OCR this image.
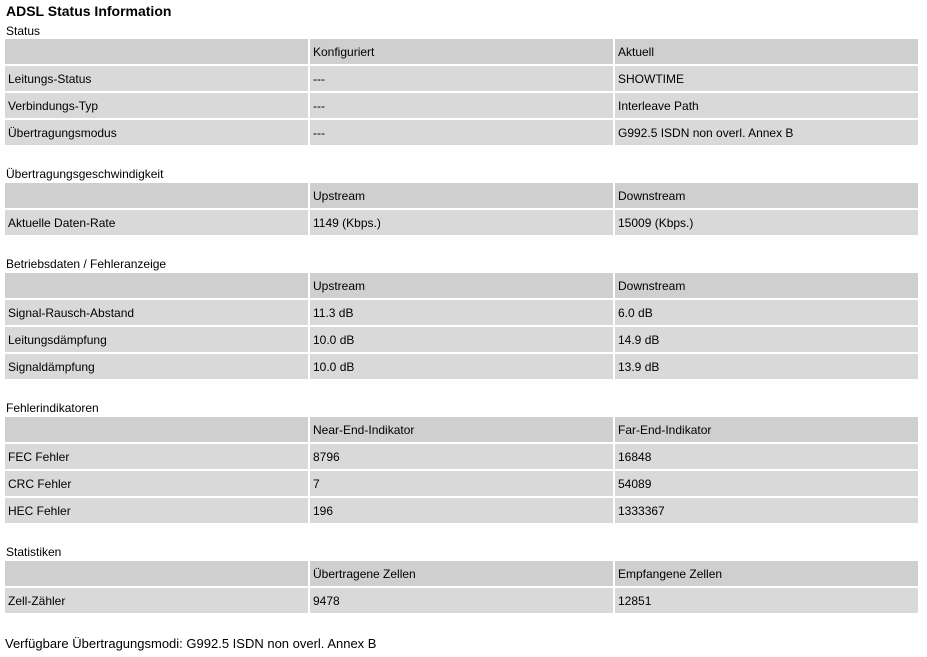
ADSL Status Information
Status
	Konfiguriert	Aktuell
Leitungs-Status	---	SHOWTIME
Verbindungs-Typ	---	Interleave Path
Übertragungsmodus	---	G992.5 ISDN non overl. Annex B
Übertragungsgeschwindigkeit
	Upstream	Downstream
Aktuelle Daten-Rate	1149 (Kbps.)	15009 (Kbps.)
Betriebsdaten / Fehleranzeige
	Upstream	Downstream
Signal-Rausch-Abstand	11.3 dB	6.0 dB
Leitungsdämpfung	10.0 dB	14.9 dB
Signaldämpfung	10.0 dB	13.9 dB
Fehlerindikatoren
	Near-End-Indikator	Far-End-Indikator
FEC Fehler	8796	16848
CRC Fehler	7	54089
HEC Fehler	196	1333367
Statistiken
	Übertragene Zellen	Empfangene Zellen
Zell-Zähler	9478	12851
Verfügbare Übertragungsmodi: G992.5 ISDN non overl. Annex B
